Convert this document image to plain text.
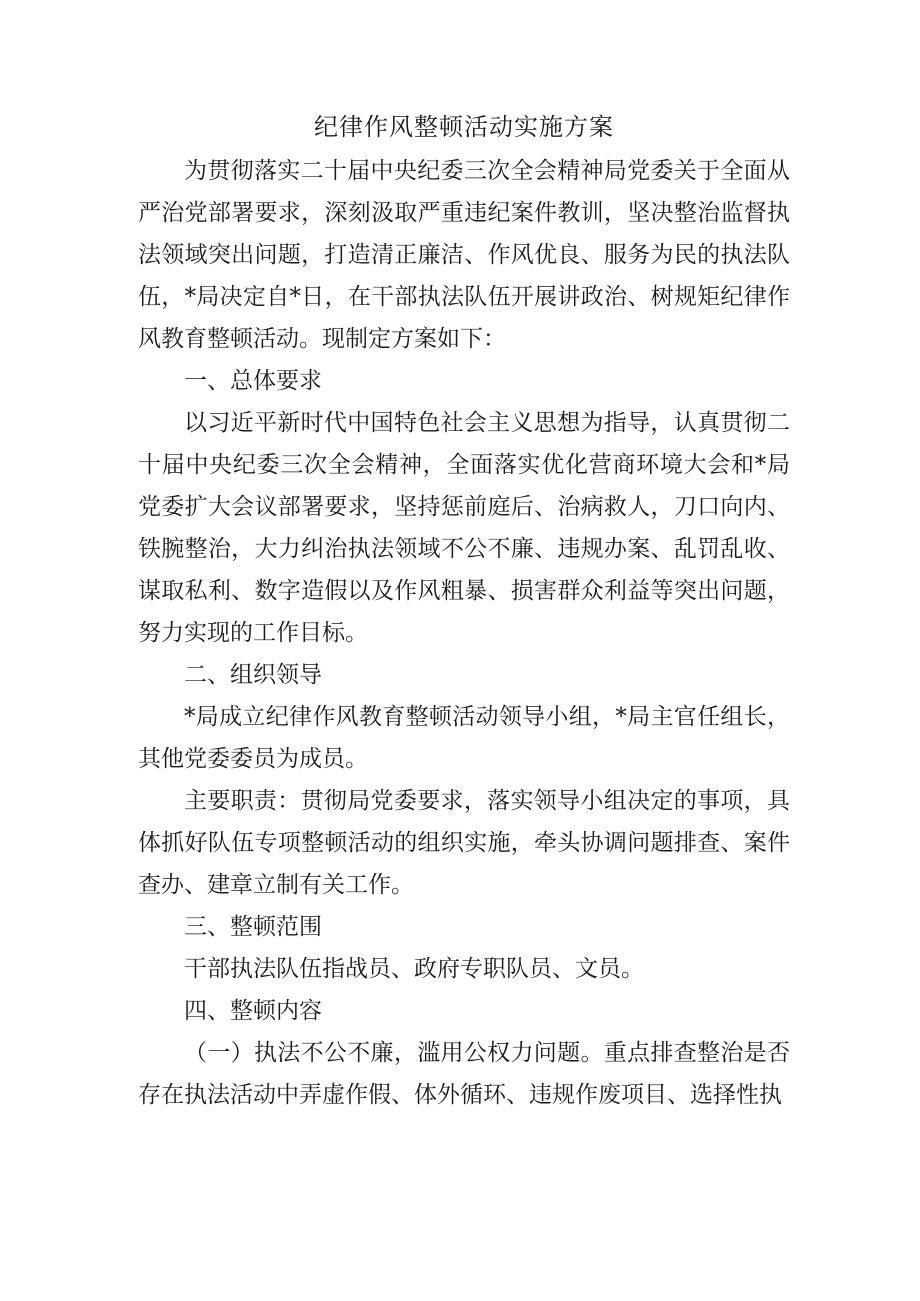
纪律作风整顿活动实施方案

为贯彻落实二十届中央纪委三次全会精神局党委关于全面从严治党部署要求，深刻汲取严重违纪案件教训，坚决整治监督执法领域突出问题，打造清正廉洁、作风优良、服务为民的执法队伍，*局决定自*日，在干部执法队伍开展讲政治、树规矩纪律作风教育整顿活动。现制定方案如下：

一、总体要求

以习近平新时代中国特色社会主义思想为指导，认真贯彻二十届中央纪委三次全会精神，全面落实优化营商环境大会和*局党委扩大会议部署要求，坚持惩前庭后、治病救人，刀口向内、铁腕整治，大力纠治执法领域不公不廉、违规办案、乱罚乱收、谋取私利、数字造假以及作风粗暴、损害群众利益等突出问题，努力实现的工作目标。

二、组织领导

*局成立纪律作风教育整顿活动领导小组，*局主官任组长，其他党委委员为成员。

主要职责：贯彻局党委要求，落实领导小组决定的事项，具体抓好队伍专项整顿活动的组织实施，牵头协调问题排查、案件查办、建章立制有关工作。

三、整顿范围

干部执法队伍指战员、政府专职队员、文员。

四、整顿内容

（一）执法不公不廉，滥用公权力问题。重点排查整治是否存在执法活动中弄虚作假、体外循环、违规作废项目、选择性执
